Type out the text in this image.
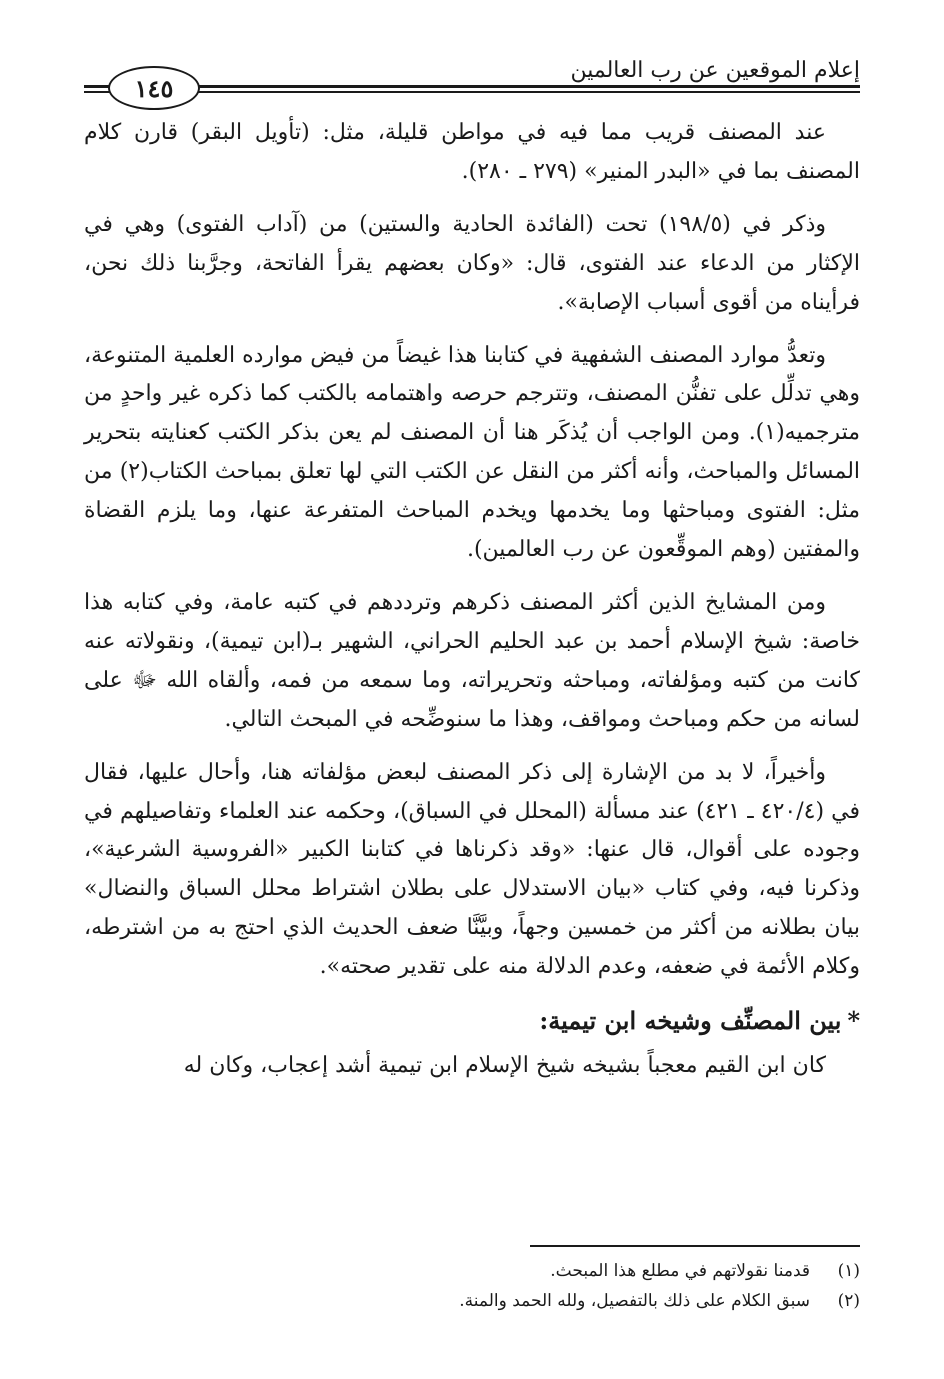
إعلام الموقعين عن رب العالمين
١٤٥

عند المصنف قريب مما فيه في مواطن قليلة، مثل: (تأويل البقر) قارن كلام المصنف بما في «البدر المنير» (٢٧٩ ـ ٢٨٠).

وذكر في (١٩٨/٥) تحت (الفائدة الحادية والستين) من (آداب الفتوى) وهي في الإكثار من الدعاء عند الفتوى، قال: «وكان بعضهم يقرأ الفاتحة، وجرَّبنا ذلك نحن، فرأيناه من أقوى أسباب الإصابة».

وتعدُّ موارد المصنف الشفهية في كتابنا هذا غيضاً من فيض موارده العلمية المتنوعة، وهي تدلِّل على تفنُّن المصنف، وتترجم حرصه واهتمامه بالكتب كما ذكره غير واحدٍ من مترجميه(١). ومن الواجب أن يُذكَر هنا أن المصنف لم يعن بذكر الكتب كعنايته بتحرير المسائل والمباحث، وأنه أكثر من النقل عن الكتب التي لها تعلق بمباحث الكتاب(٢) من مثل: الفتوى ومباحثها وما يخدمها ويخدم المباحث المتفرعة عنها، وما يلزم القضاة والمفتين (وهم الموقِّعون عن رب العالمين).

ومن المشايخ الذين أكثر المصنف ذكرهم وترددهم في كتبه عامة، وفي كتابه هذا خاصة: شيخ الإسلام أحمد بن عبد الحليم الحراني، الشهير بـ(ابن تيمية)، ونقولاته عنه كانت من كتبه ومؤلفاته، ومباحثه وتحريراته، وما سمعه من فمه، وألقاه الله ﷻ على لسانه من حكم ومباحث ومواقف، وهذا ما سنوضِّحه في المبحث التالي.

وأخيراً، لا بد من الإشارة إلى ذكر المصنف لبعض مؤلفاته هنا، وأحال عليها، فقال في (٤٢٠/٤ ـ ٤٢١) عند مسألة (المحلل في السباق)، وحكمه عند العلماء وتفاصيلهم في وجوده على أقوال، قال عنها: «وقد ذكرناها في كتابنا الكبير «الفروسية الشرعية»، وذكرنا فيه، وفي كتاب «بيان الاستدلال على بطلان اشتراط محلل السباق والنضال» بيان بطلانه من أكثر من خمسين وجهاً، وبيَّنَّا ضعف الحديث الذي احتج به من اشترطه، وكلام الأئمة في ضعفه، وعدم الدلالة منه على تقدير صحته».

*بين المصنِّف وشيخه ابن تيمية:

كان ابن القيم معجباً بشيخه شيخ الإسلام ابن تيمية أشد إعجاب، وكان له

(١)
قدمنا نقولاتهم في مطلع هذا المبحث.
(٢)
سبق الكلام على ذلك بالتفصيل، ولله الحمد والمنة.
